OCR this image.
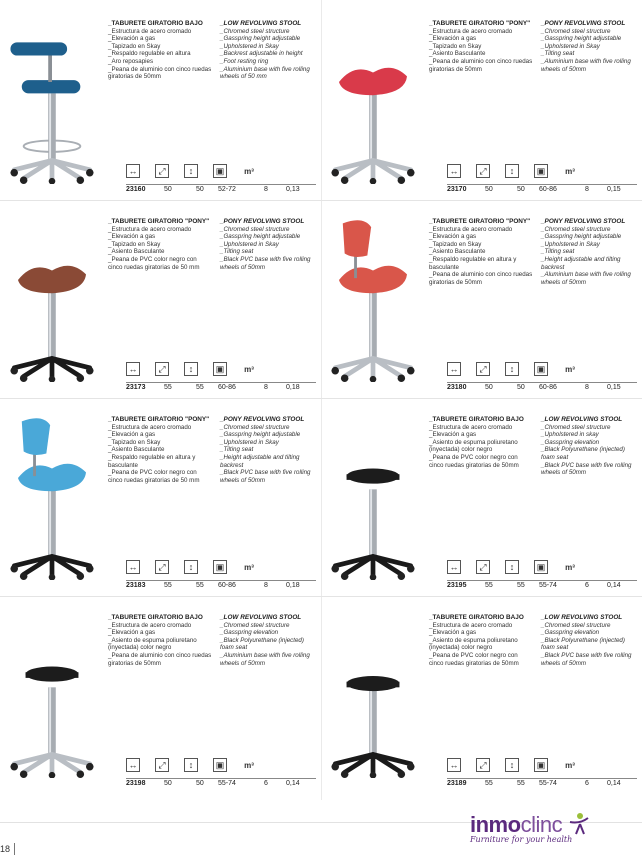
_TABURETE GIRATORIO BAJO
_Estructura de acero cromado
_Elevación a gas
_Tapizado en Skay
_Respaldo regulable en altura
_Aro reposapies
_Peana de aluminio con cinco ruedas
giratorias de 50mm
_LOW REVOLVING STOOL
_Chromed steel structure
_Gasspring height adjustable
_Upholstered in Skay
_Backrest adjustable in height
_Foot resting ring
_Aluminium base with five rolling
wheels of 50 mm
↔	⤢	↕	▣	m³
23160	50	50 52-72	8	0,13
_TABURETE GIRATORIO "PONY"
_Estructura de acero cromado
_Elevación a gas
_Tapizado en Skay
_Asiento Basculante
_Peana de aluminio con cinco ruedas
giratorias de 50mm
_PONY REVOLVING STOOL
_Chromed steel structure
_Gasspring height adjustable
_Upholstered in Skay
_Tilting seat
_Aluminium base with five rolling
wheels of 50mm
↔	⤢	↕	▣	m³
23170	50	50 60-86	8	0,15
_TABURETE GIRATORIO "PONY"
_Estructura de acero cromado
_Elevación a gas
_Tapizado en Skay
_Asiento Basculante
_Peana de PVC color negro con
cinco ruedas giratorias de 50 mm
_PONY REVOLVING STOOL
_Chromed steel structure
_Gasspring height adjustable
_Upholstered in Skay
_Tilting seat
_Black PVC base with five rolling
wheels of 50mm
↔	⤢	↕	▣	m³
23173	55	55 60-86	8	0,18
_TABURETE GIRATORIO "PONY"
_Estructura de acero cromado
_Elevación a gas
_Tapizado en Skay
_Asiento Basculante
_Respaldo regulable en altura y
basculante
_Peana de aluminio con cinco ruedas
giratorias de 50mm
_PONY REVOLVING STOOL
_Chromed steel structure
_Gasspring height adjustable
_Upholstered in Skay
_Tilting seat
_Height adjustable and tilting
backrest
_Aluminium base with five rolling
wheels of 50mm
↔	⤢	↕	▣	m³
23180	50	50 60-86	8	0,15
_TABURETE GIRATORIO "PONY"
_Estructura de acero cromado
_Elevación a gas
_Tapizado en Skay
_Asiento Basculante
_Respaldo regulable en altura y
basculante
_Peana de PVC color negro con
cinco ruedas giratorias de 50 mm
_PONY REVOLVING STOOL
_Chromed steel structure
_Gasspring height adjustable
_Upholstered in Skay
_Tilting seat
_Height adjustable and tilting
backrest
_Black PVC base with five rolling
wheels of 50mm
↔	⤢	↕	▣	m³
23183	55	55 60-86	8	0,18
_TABURETE GIRATORIO BAJO
_Estructura de acero cromado
_Elevación a gas
_Asiento de espuma poliuretano
(inyectada) color negro
_Peana de PVC color negro con
cinco ruedas giratorias de 50mm
_LOW REVOLVING STOOL
_Chromed steel structure
_Upholstered in skay
_Gasspring elevation
_Black Polyurethane (injected)
foam seat
_Black PVC base with five rolling
wheels of 50mm
↔	⤢	↕	▣	m³
23195	55	55 55-74	6	0,14
_TABURETE GIRATORIO BAJO
_Estructura de acero cromado
_Elevación a gas
_Asiento de espuma poliuretano
(inyectada) color negro
_Peana de aluminio con cinco ruedas
giratorias de 50mm
_LOW REVOLVING STOOL
_Chromed steel structure
_Gasspring elevation
_Black Polyurethane (injected)
foam seat
_Aluminium base with five rolling
wheels of 50mm
↔	⤢	↕	▣	m³
23198	50	50 55-74	6	0,14
_TABURETE GIRATORIO BAJO
_Estructura de acero cromado
_Elevación a gas
_Asiento de espuma poliuretano
(inyectada) color negro
_Peana de PVC color negro con
cinco ruedas giratorias de 50mm
_LOW REVOLVING STOOL
_Chromed steel structure
_Gasspring elevation
_Black Polyurethane (injected)
foam seat
_Black PVC base with five rolling
wheels of 50mm
↔	⤢	↕	▣	m³
23189	55	55 55-74	6	0,14
18
inmoclinc
Furniture for your health
